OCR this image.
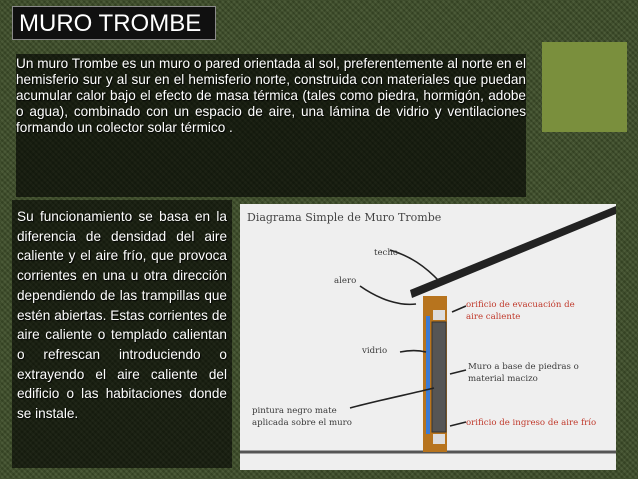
MURO TROMBE
Un muro Trombe es un muro o pared orientada al sol, preferentemente al norte en el hemisferio sur y al sur en el hemisferio norte, construida con materiales que puedan acumular calor bajo el efecto de masa térmica (tales como piedra, hormigón, adobe o agua), combinado con un espacio de aire, una lámina de vidrio y ventilaciones formando un colector solar térmico .
Su funcionamiento se basa en la diferencia de densidad del aire caliente y el aire frío, que provoca corrientes en una u otra dirección dependiendo de las trampillas que estén abiertas. Estas corrientes de aire caliente o templado calientan o refrescan introduciendo o extrayendo el aire caliente del edificio o las habitaciones donde se instale.
Diagrama Simple de Muro Trombe
techo
alero
vidrio
pintura negro mate
aplicada sobre el muro
orificio de evacuación de
aire caliente
Muro a base de piedras o
material macizo
orificio de ingreso de aire frío
